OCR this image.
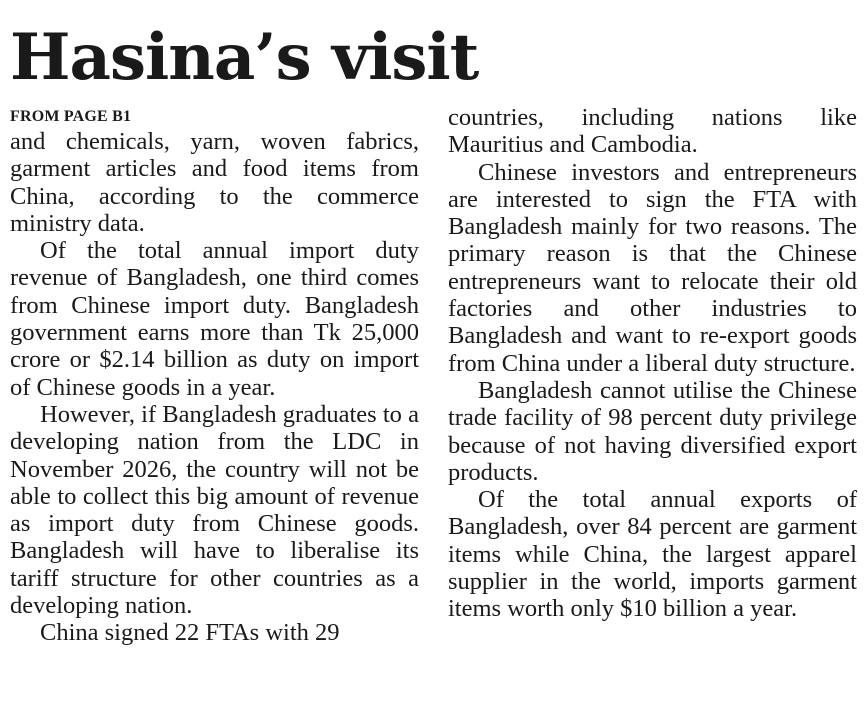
Hasina’s visit

FROM PAGE B1

and chemicals, yarn, woven fabrics, garment articles and food items from China, according to the commerce ministry data.

Of the total annual import duty revenue of Bangladesh, one third comes from Chinese import duty. Bangladesh government earns more than Tk 25,000 crore or $2.14 billion as duty on import of Chinese goods in a year.

However, if Bangladesh graduates to a developing nation from the LDC in November 2026, the country will not be able to collect this big amount of revenue as import duty from Chinese goods. Bangladesh will have to liberalise its tariff structure for other countries as a developing nation.

China signed 22 FTAs with 29

countries, including nations like Mauritius and Cambodia.

Chinese investors and entrepreneurs are interested to sign the FTA with Bangladesh mainly for two reasons. The primary reason is that the Chinese entrepreneurs want to relocate their old factories and other industries to Bangladesh and want to re-export goods from China under a liberal duty structure.

Bangladesh cannot utilise the Chinese trade facility of 98 percent duty privilege because of not having diversified export products.

Of the total annual exports of Bangladesh, over 84 percent are garment items while China, the largest apparel supplier in the world, imports garment items worth only $10 billion a year.
